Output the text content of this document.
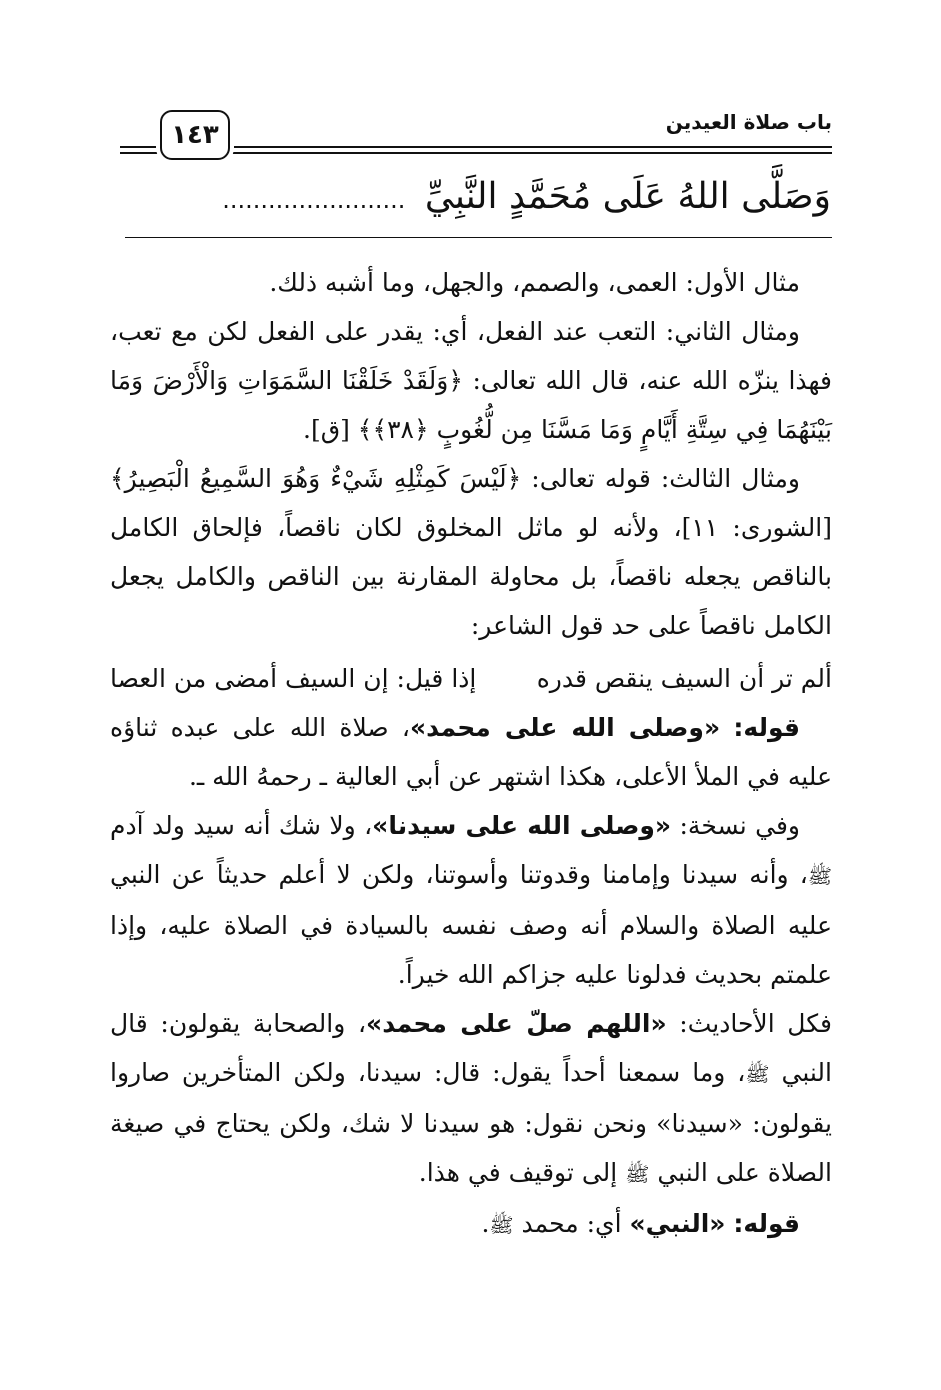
باب صلاة العيدين
١٤٣
وَصَلَّى اللهُ عَلَى مُحَمَّدٍ النَّبِيِّ ........................

مثال الأول: العمى، والصمم، والجهل، وما أشبه ذلك.

ومثال الثاني: التعب عند الفعل، أي: يقدر على الفعل لكن مع تعب، فهذا ينزّه الله عنه، قال الله تعالى: ﴿وَلَقَدْ خَلَقْنَا السَّمَوَاتِ وَالْأَرْضَ وَمَا بَيْنَهُمَا فِي سِتَّةِ أَيَّامٍ وَمَا مَسَّنَا مِن لُّغُوبٍ ﴿٣٨﴾﴾ [ق].

ومثال الثالث: قوله تعالى: ﴿لَيْسَ كَمِثْلِهِ شَيْءٌ وَهُوَ السَّمِيعُ الْبَصِيرُ﴾ [الشورى: ١١]، ولأنه لو ماثل المخلوق لكان ناقصاً، فإلحاق الكامل بالناقص يجعله ناقصاً، بل محاولة المقارنة بين الناقص والكامل يجعل الكامل ناقصاً على حد قول الشاعر:

ألم تر أن السيف ينقص قدره
إذا قيل: إن السيف أمضى من العصا

قوله: «وصلى الله على محمد»، صلاة الله على عبده ثناؤه عليه في الملأ الأعلى، هكذا اشتهر عن أبي العالية ـ رحمهُ الله ـ.

وفي نسخة: «وصلى الله على سيدنا»، ولا شك أنه سيد ولد آدم ﷺ، وأنه سيدنا وإمامنا وقدوتنا وأسوتنا، ولكن لا أعلم حديثاً عن النبي عليه الصلاة والسلام أنه وصف نفسه بالسيادة في الصلاة عليه، وإذا علمتم بحديث فدلونا عليه جزاكم الله خيراً.

فكل الأحاديث: «اللهم صلّ على محمد»، والصحابة يقولون: قال النبي ﷺ، وما سمعنا أحداً يقول: قال: سيدنا، ولكن المتأخرين صاروا يقولون: «سيدنا» ونحن نقول: هو سيدنا لا شك، ولكن يحتاج في صيغة الصلاة على النبي ﷺ إلى توقيف في هذا.

قوله: «النبي» أي: محمد ﷺ.
